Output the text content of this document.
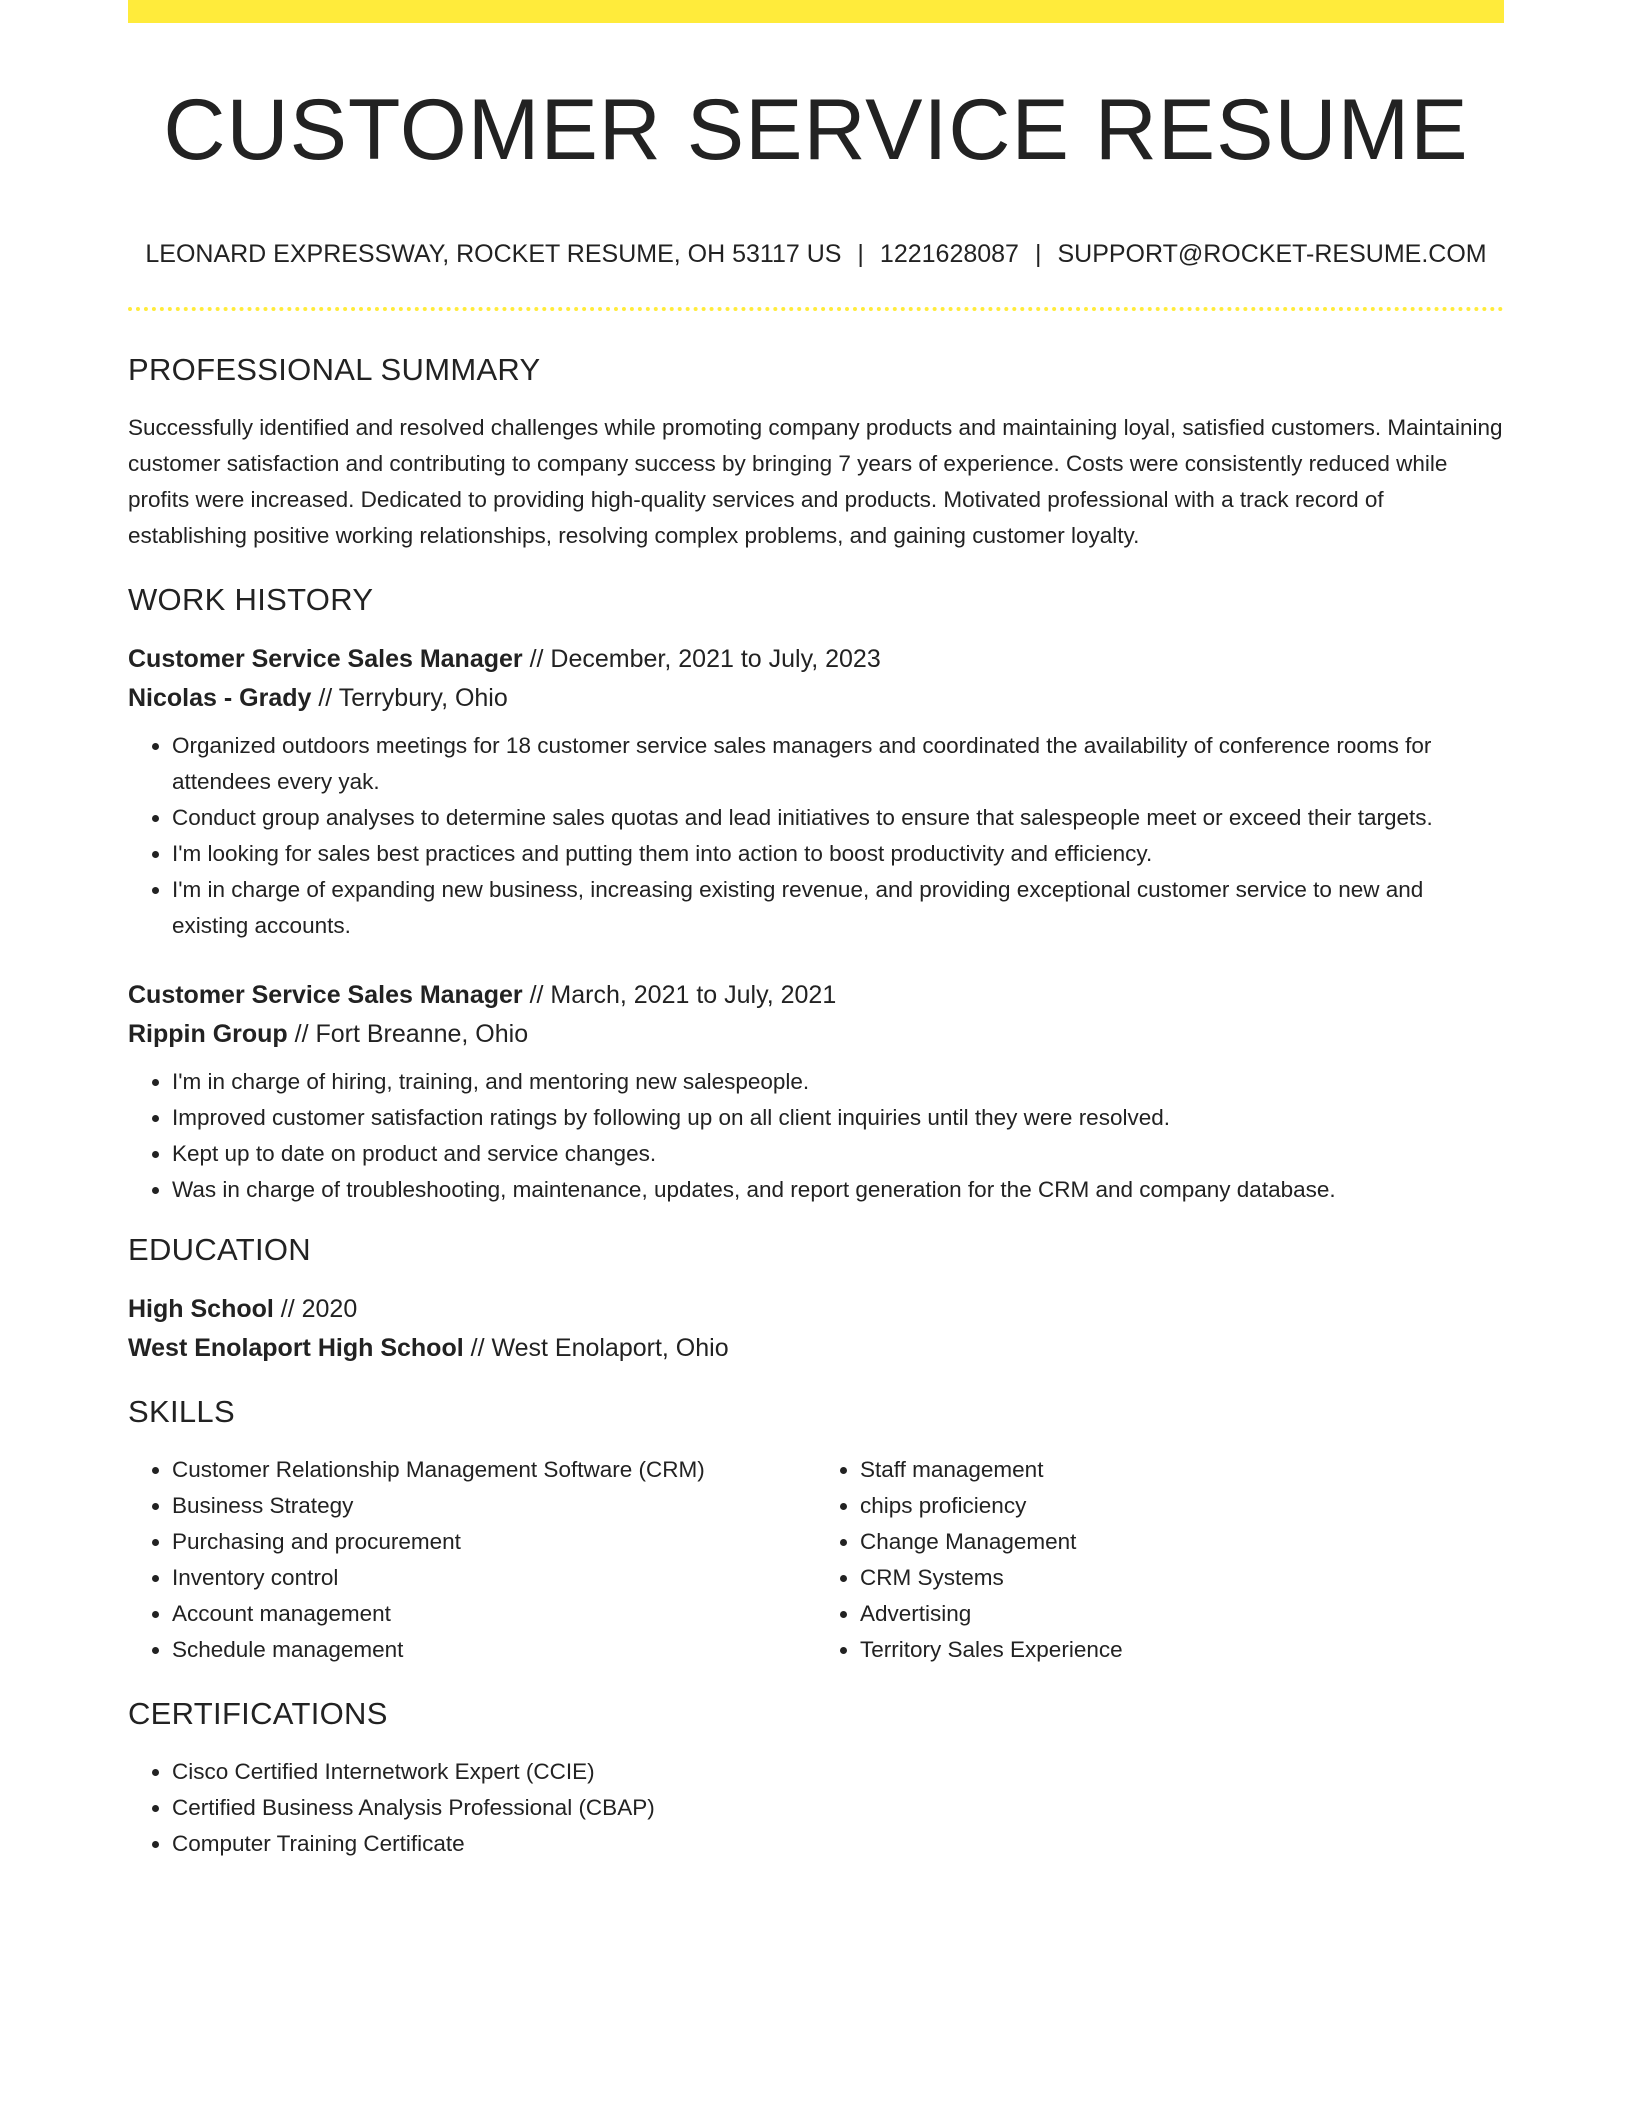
CUSTOMER SERVICE RESUME
LEONARD EXPRESSWAY, ROCKET RESUME, OH 53117 US | 1221628087 | SUPPORT@ROCKET-RESUME.COM
PROFESSIONAL SUMMARY

Successfully identified and resolved challenges while promoting company products and maintaining loyal, satisfied customers. Maintaining customer satisfaction and contributing to company success by bringing 7 years of experience. Costs were consistently reduced while profits were increased. Dedicated to providing high-quality services and products. Motivated professional with a track record of establishing positive working relationships, resolving complex problems, and gaining customer loyalty.

WORK HISTORY

Customer Service Sales Manager // December, 2021 to July, 2023

Nicolas - Grady // Terrybury, Ohio

• Organized outdoors meetings for 18 customer service sales managers and coordinated the availability of conference rooms for attendees every yak.
• Conduct group analyses to determine sales quotas and lead initiatives to ensure that salespeople meet or exceed their targets.
• I'm looking for sales best practices and putting them into action to boost productivity and efficiency.
• I'm in charge of expanding new business, increasing existing revenue, and providing exceptional customer service to new and existing accounts.

Customer Service Sales Manager // March, 2021 to July, 2021

Rippin Group // Fort Breanne, Ohio

• I'm in charge of hiring, training, and mentoring new salespeople.
• Improved customer satisfaction ratings by following up on all client inquiries until they were resolved.
• Kept up to date on product and service changes.
• Was in charge of troubleshooting, maintenance, updates, and report generation for the CRM and company database.
EDUCATION

High School // 2020

West Enolaport High School // West Enolaport, Ohio

SKILLS
• Customer Relationship Management Software (CRM)
• Business Strategy
• Purchasing and procurement
• Inventory control
• Account management
• Schedule management
• Staff management
• chips proficiency
• Change Management
• CRM Systems
• Advertising
• Territory Sales Experience
CERTIFICATIONS
• Cisco Certified Internetwork Expert (CCIE)
• Certified Business Analysis Professional (CBAP)
• Computer Training Certificate
